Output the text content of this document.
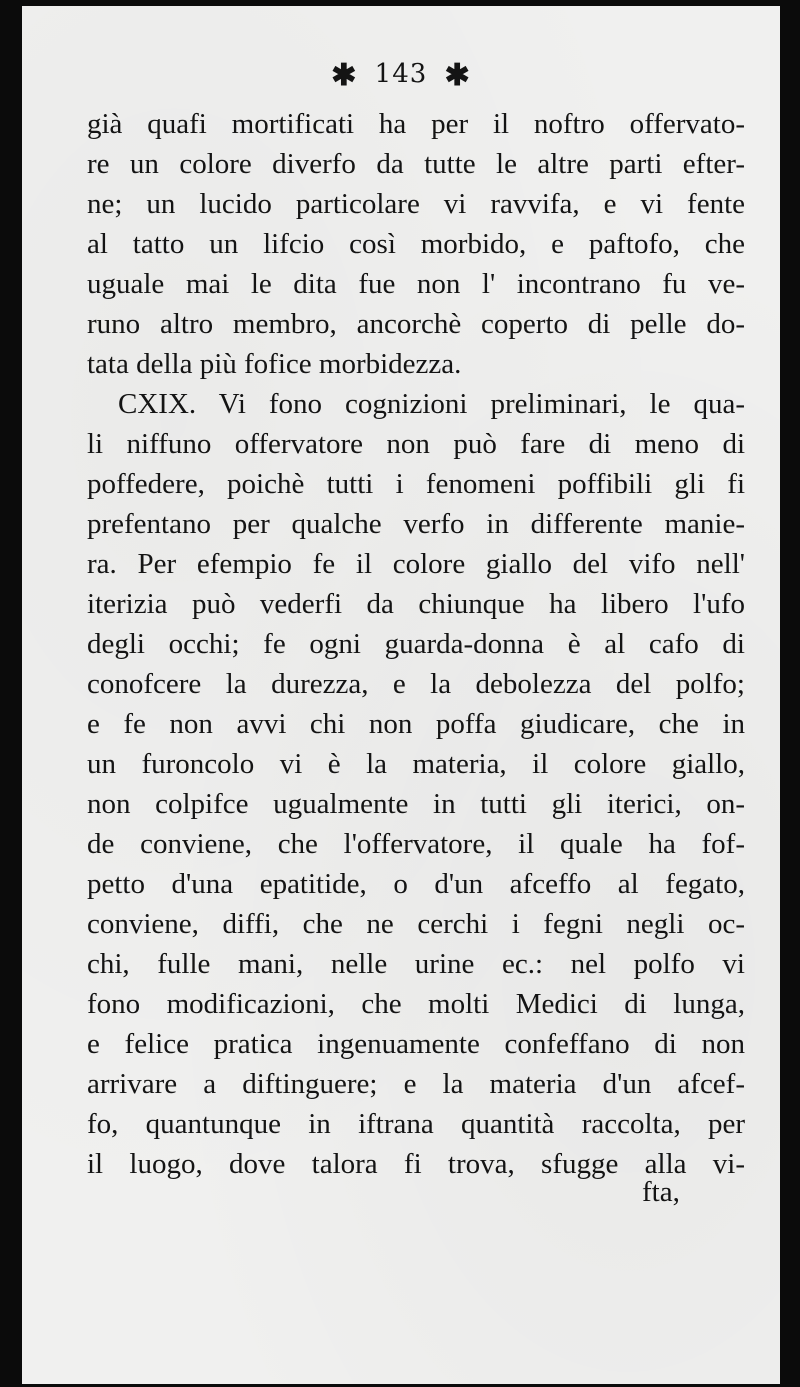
✱ 143 ✱
già quafi mortificati ha per il noftro offervato-
re un colore diverfo da tutte le altre parti efter-
ne; un lucido particolare vi ravvifa, e vi fente
al tatto un lifcio così morbido, e paftofo, che
uguale mai le dita fue non l' incontrano fu ve-
runo altro membro, ancorchè coperto di pelle do-
tata della più fofice morbidezza.
CXIX. Vi fono cognizioni preliminari, le qua-
li niffuno offervatore non può fare di meno di
poffedere, poichè tutti i fenomeni poffibili gli fi
prefentano per qualche verfo in differente manie-
ra. Per efempio fe il colore giallo del vifo nell'
iterizia può vederfi da chiunque ha libero l'ufo
degli occhi; fe ogni guarda-donna è al cafo di
conofcere la durezza, e la debolezza del polfo;
e fe non avvi chi non poffa giudicare, che in
un furoncolo vi è la materia, il colore giallo,
non colpifce ugualmente in tutti gli iterici, on-
de conviene, che l'offervatore, il quale ha fof-
petto d'una epatitide, o d'un afceffo al fegato,
conviene, diffi, che ne cerchi i fegni negli oc-
chi, fulle mani, nelle urine ec.: nel polfo vi
fono modificazioni, che molti Medici di lunga,
e felice pratica ingenuamente confeffano di non
arrivare a diftinguere; e la materia d'un afcef-
fo, quantunque in iftrana quantità raccolta, per
il luogo, dove talora fi trova, sfugge alla vi-
fta,
